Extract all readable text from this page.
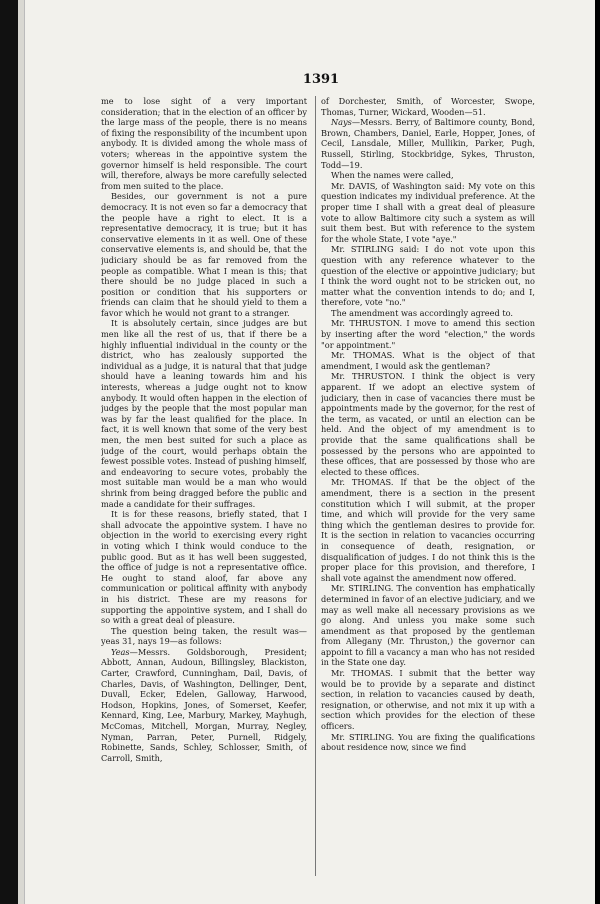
1391

me to lose sight of a very important consideration; that in the election of an officer by the large mass of the people, there is no means of fixing the responsibility of the incumbent upon anybody. It is divided among the whole mass of voters; whereas in the appointive system the governor himself is held responsible. The court will, therefore, always be more carefully selected from men suited to the place.

Besides, our government is not a pure democracy. It is not even so far a democracy that the people have a right to elect. It is a representative democracy, it is true; but it has conservative elements in it as well. One of these conservative elements is, and should be, that the judiciary should be as far removed from the people as compatible. What I mean is this; that there should be no judge placed in such a position or condition that his supporters or friends can claim that he should yield to them a favor which he would not grant to a stranger.

It is absolutely certain, since judges are but men like all the rest of us, that if there be a highly influential individual in the county or the district, who has zealously supported the individual as a judge, it is natural that that judge should have a leaning towards him and his interests, whereas a judge ought not to know anybody. It would often happen in the election of judges by the people that the most popular man was by far the least qualified for the place. In fact, it is well known that some of the very best men, the men best suited for such a place as judge of the court, would perhaps obtain the fewest possible votes. Instead of pushing himself, and endeavoring to secure votes, probably the most suitable man would be a man who would shrink from being dragged before the public and made a candidate for their suffrages.

It is for these reasons, briefly stated, that I shall advocate the appointive system. I have no objection in the world to exercising every right in voting which I think would conduce to the public good. But as it has well been suggested, the office of judge is not a representative office. He ought to stand aloof, far above any communication or political affinity with anybody in his district. These are my reasons for supporting the appointive system, and I shall do so with a great deal of pleasure.

The question being taken, the result was—yeas 31, nays 19—as follows:

Yeas—Messrs. Goldsborough, President; Abbott, Annan, Audoun, Billingsley, Blackiston, Carter, Crawford, Cunningham, Dail, Davis, of Charles, Davis, of Washington, Dellinger, Dent, Duvall, Ecker, Edelen, Galloway, Harwood, Hodson, Hopkins, Jones, of Somerset, Keefer, Kennard, King, Lee, Marbury, Markey, Mayhugh, McComas, Mitchell, Morgan, Murray, Negley, Nyman, Parran, Peter, Purnell, Ridgely, Robinette, Sands, Schley, Schlosser, Smith, of Carroll, Smith,

of Dorchester, Smith, of Worcester, Swope, Thomas, Turner, Wickard, Wooden—51.

Nays—Messrs. Berry, of Baltimore county, Bond, Brown, Chambers, Daniel, Earle, Hopper, Jones, of Cecil, Lansdale, Miller, Mullikin, Parker, Pugh, Russell, Stirling, Stockbridge, Sykes, Thruston, Todd—19.

When the names were called,

Mr. DAVIS, of Washington said: My vote on this question indicates my individual preference. At the proper time I shall with a great deal of pleasure vote to allow Baltimore city such a system as will suit them best. But with reference to the system for the whole State, I vote "aye."

Mr. STIRLING said: I do not vote upon this question with any reference whatever to the question of the elective or appointive judiciary; but I think the word ought not to be stricken out, no matter what the convention intends to do; and I, therefore, vote "no."

The amendment was accordingly agreed to.

Mr. THRUSTON. I move to amend this section by inserting after the word "election," the words "or appointment."

Mr. THOMAS. What is the object of that amendment, I would ask the gentleman?

Mr. THRUSTON. I think the object is very apparent. If we adopt an elective system of judiciary, then in case of vacancies there must be appointments made by the governor, for the rest of the term, as vacated, or until an election can be held. And the object of my amendment is to provide that the same qualifications shall be possessed by the persons who are appointed to these offices, that are possessed by those who are elected to these offices.

Mr. THOMAS. If that be the object of the amendment, there is a section in the present constitution which I will submit, at the proper time, and which will provide for the very same thing which the gentleman desires to provide for. It is the section in relation to vacancies occurring in consequence of death, resignation, or disqualification of judges. I do not think this is the proper place for this provision, and therefore, I shall vote against the amendment now offered.

Mr. STIRLING. The convention has emphatically determined in favor of an elective judiciary, and we may as well make all necessary provisions as we go along. And unless you make some such amendment as that proposed by the gentleman from Allegany (Mr. Thruston,) the governor can appoint to fill a vacancy a man who has not resided in the State one day.

Mr. THOMAS. I submit that the better way would be to provide by a separate and distinct section, in relation to vacancies caused by death, resignation, or otherwise, and not mix it up with a section which provides for the election of these officers.

Mr. STIRLING. You are fixing the qualifications about residence now, since we find
